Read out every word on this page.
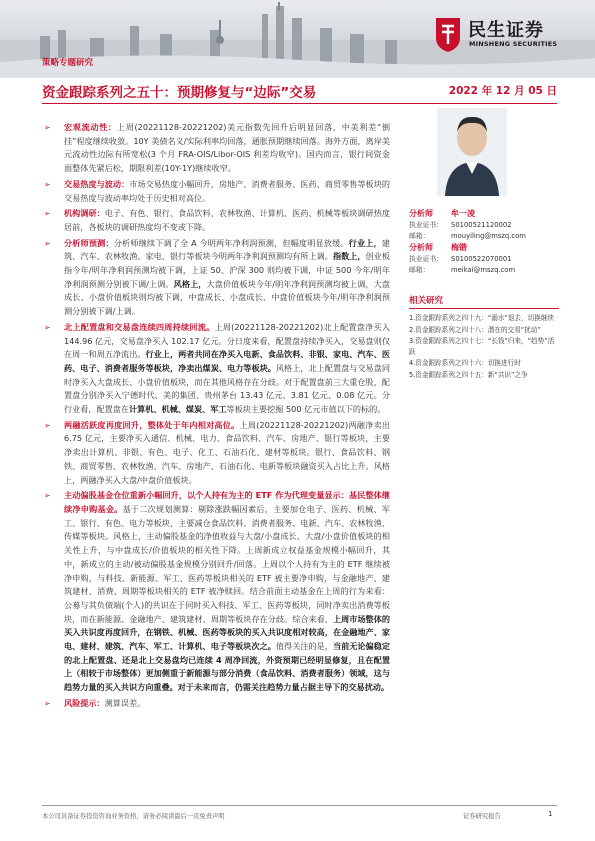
民生证券
MINSHENG SECURITIES
策略专题研究
资金跟踪系列之五十：预期修复与“边际”交易	2022 年 12 月 05 日
➢ 宏观流动性：上周(20221128-20221202)美元指数先回升后明显回落，中美利差“倒挂”程度继续收敛。10Y 美债名义/实际利率均回落，通胀预期继续回落。海外方面，离岸美元流动性边际有所宽松(3 个月 FRA-OIS/Libor-OIS 利差均收窄)。国内而言，银行间资金面整体先紧后松，期限利差(10Y-1Y)继续收窄。
➢ 交易热度与波动：市场交易热度小幅回升，房地产、消费者服务、医药、商贸零售等板块的交易热度与波动率均处于历史相对高位。
➢ 机构调研：电子、有色、银行、食品饮料、农林牧渔、计算机、医药、机械等板块调研热度居前，各板块的调研热度均不变或下降。
➢ 分析师预测：分析师继续下调了全 A 今明两年净利润预测，但幅度明显放缓。行业上，建筑、汽车、农林牧渔、家电、银行等板块今明两年净利润预测均有所上调。指数上，创业板指今年/明年净利润预测均被下调，上证 50、沪深 300 则均被下调，中证 500 今年/明年净利润预测分别被下调/上调。风格上，大盘价值板块今年/明年净利润预测均被上调，大盘成长、小盘价值板块则均被下调，中盘成长、小盘成长、中盘价值板块今年/明年净利润预测分别被下调/上调。
➢ 北上配置盘和交易盘连续四周持续回流。上周(20221128-20221202)北上配置盘净买入 144.96 亿元，交易盘净买入 102.17 亿元。分日度来看，配置盘持续净买入，交易盘则仅在周一和周五净流出。行业上，两者共同在净买入电新、食品饮料、非银、家电、汽车、医药、电子、消费者服务等板块，净卖出煤炭、电力等板块。风格上，北上配置盘与交易盘同时净买入大盘成长、小盘价值板块，而在其他风格存在分歧。对于配置盘前三大重仓股，配置盘分别净买入宁德时代、美的集团、贵州茅台 13.43 亿元、3.81 亿元、0.08 亿元。分行业看，配置盘在计算机、机械、煤炭、军工等板块主要挖掘 500 亿元市值以下的标的。
➢ 两融活跃度再度回升，整体处于年内相对高位。上周(20221128-20221202)两融净卖出 6.75 亿元，主要净买入通信、机械、电力、食品饮料、汽车、房地产、银行等板块，主要净卖出计算机、非银、有色、电子、化工、石油石化、建材等板块。银行、食品饮料、钢铁、商贸零售、农林牧渔、汽车、房地产、石油石化、电新等板块融资买入占比上升。风格上，两融净买入大盘/中盘价值板块。
➢ 主动偏股基金仓位重新小幅回升，以个人持有为主的 ETF 作为代理变量显示：基民整体继续净申购基金。基于二次规划测算：剔除涨跌幅因素后，主要加仓电子、医药、机械、军工、银行、有色、电力等板块，主要减仓食品饮料、消费者服务、电新、汽车、农林牧渔、传媒等板块。风格上，主动偏股基金的净值收益与大盘/小盘成长、大盘/小盘价值板块的相关性上升，与中盘成长/价值板块的相关性下降。上周新成立权益基金规模小幅回升，其中，新成立的主动/被动偏股基金规模分别回升/回落。上周以个人持有为主的 ETF 继续被净申购，与科技、新能源、军工、医药等板块相关的 ETF 被主要净申购，与金融地产、建筑建材、消费、周期等板块相关的 ETF 被净赎回。结合前面主动基金在上周的行为来看：公募与其负债端(个人)的共识在于同时买入科技、军工、医药等板块，同时净卖出消费等板块，而在新能源、金融地产、建筑建材、周期等板块存在分歧。综合来看，上周市场整体的买入共识度再度回升，在钢铁、机械、医药等板块的买入共识度相对较高，在金融地产、家电、建材、建筑、汽车、军工、计算机、电子等板块次之。值得关注的是，当前无论偏稳定的北上配置盘、还是北上交易盘均已连续 4 周净回流，外资预期已经明显修复，且在配置上（相较于市场整体）更加侧重于新能源与部分消费（食品饮料、消费者服务）领域，这与趋势力量的买入共识方向重叠。对于未来而言，仍需关注趋势力量占据主导下的交易扰动。
➢ 风险提示：测算误差。
分析师 牟一凌
执业证书： S0100521120002
邮箱：	mouyiling@mszq.com
分析师 梅锴
执业证书： S0100522070001
邮箱：	meikai@mszq.com
相关研究
1.资金跟踪系列之四十九：“溺水”退去，切换继续
2.资金跟踪系列之四十八：潜在的交易“扰动”
3.资金跟踪系列之四十七：“长钱”归来，“趋势”活跃
4.资金跟踪系列之四十六：切换进行时
5.资金跟踪系列之四十五：新“共识”之争
本公司具备证券投资咨询业务资格，请务必阅读最后一页免责声明	证券研究报告	1
